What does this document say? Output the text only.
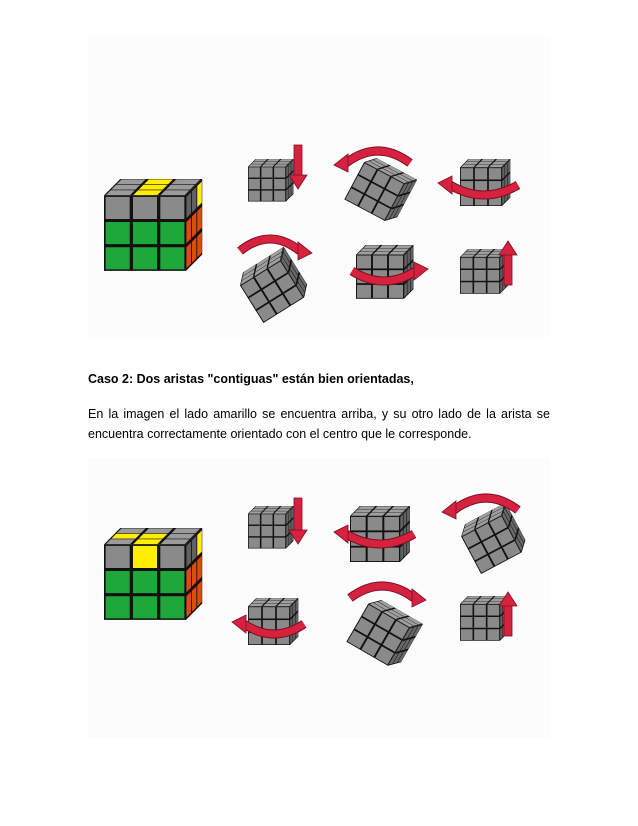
Caso 2: Dos aristas "contiguas" están bien orientadas,
En la imagen el lado amarillo se encuentra arriba, y su otro lado de la arista se encuentra correctamente orientado con el centro que le corresponde.
